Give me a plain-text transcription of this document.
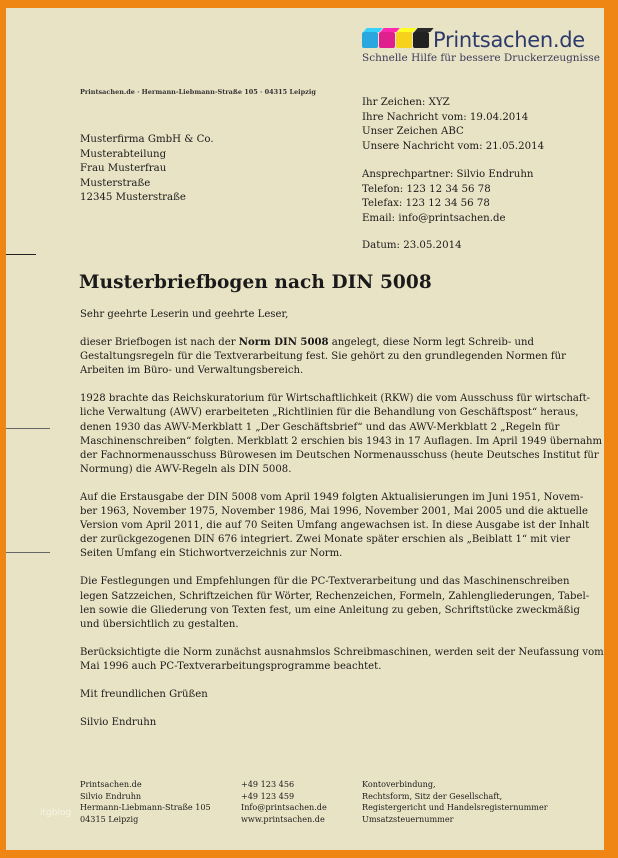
Printsachen.de
Schnelle Hilfe für bessere Druckerzeugnisse
Printsachen.de · Hermann-Liebmann-Straße 105 · 04315 Leipzig
Musterfirma GmbH & Co.
Musterabteilung
Frau Musterfrau
Musterstraße
12345 Musterstraße
Ihr Zeichen: XYZ
Ihre Nachricht vom: 19.04.2014
Unser Zeichen ABC
Unsere Nachricht vom: 21.05.2014
Ansprechpartner: Silvio Endruhn
Telefon: 123 12 34 56 78
Telefax: 123 12 34 56 78
Email: info@printsachen.de
Datum: 23.05.2014
Musterbriefbogen nach DIN 5008

Sehr geehrte Leserin und geehrte Leser,

dieser Briefbogen ist nach der Norm DIN 5008 angelegt, diese Norm legt Schreib- und
Gestaltungsregeln für die Textverarbeitung fest. Sie gehört zu den grundlegenden Normen für
Arbeiten im Büro- und Verwaltungsbereich.

1928 brachte das Reichskuratorium für Wirtschaftlichkeit (RKW) die vom Ausschuss für wirtschaft-
liche Verwaltung (AWV) erarbeiteten „Richtlinien für die Behandlung von Geschäftspost“ heraus,
denen 1930 das AWV-Merkblatt 1 „Der Geschäftsbrief“ und das AWV-Merkblatt 2 „Regeln für
Maschinenschreiben“ folgten. Merkblatt 2 erschien bis 1943 in 17 Auflagen. Im April 1949 übernahm
der Fachnormenausschuss Bürowesen im Deutschen Normenausschuss (heute Deutsches Institut für
Normung) die AWV-Regeln als DIN 5008.

Auf die Erstausgabe der DIN 5008 vom April 1949 folgten Aktualisierungen im Juni 1951, Novem-
ber 1963, November 1975, November 1986, Mai 1996, November 2001, Mai 2005 und die aktuelle
Version vom April 2011, die auf 70 Seiten Umfang angewachsen ist. In diese Ausgabe ist der Inhalt
der zurückgezogenen DIN 676 integriert. Zwei Monate später erschien als „Beiblatt 1“ mit vier
Seiten Umfang ein Stichwortverzeichnis zur Norm.

Die Festlegungen und Empfehlungen für die PC-Textverarbeitung und das Maschinenschreiben
legen Satzzeichen, Schriftzeichen für Wörter, Rechenzeichen, Formeln, Zahlengliederungen, Tabel-
len sowie die Gliederung von Texten fest, um eine Anleitung zu geben, Schriftstücke zweckmäßig
und übersichtlich zu gestalten.

Berücksichtigte die Norm zunächst ausnahmslos Schreibmaschinen, werden seit der Neufassung vom
Mai 1996 auch PC-Textverarbeitungsprogramme beachtet.

Mit freundlichen Grüßen

Silvio Endruhn

Printsachen.de
Silvio Endruhn
Hermann-Liebmann-Straße 105
04315 Leipzig
+49 123 456
+49 123 459
Info@printsachen.de
www.printsachen.de
Kontoverbindung,
Rechtsform, Sitz der Gesellschaft,
Registergericht und Handelsregisternummer
Umsatzsteuernummer
itgblog
